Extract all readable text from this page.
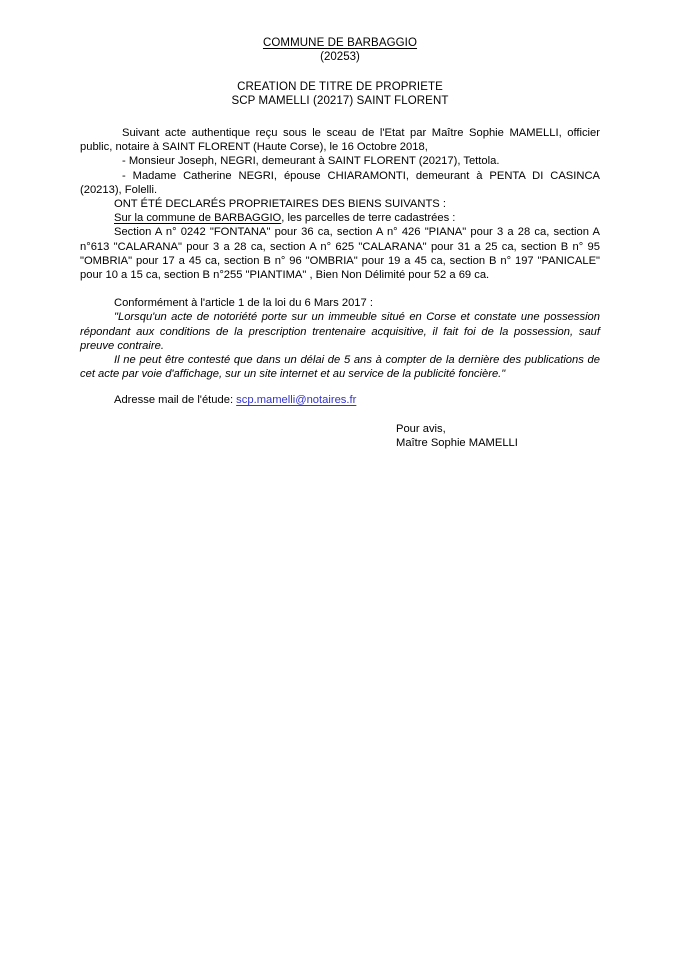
COMMUNE DE BARBAGGIO
(20253)
CREATION DE TITRE DE PROPRIETE
SCP MAMELLI (20217) SAINT FLORENT

Suivant acte authentique reçu sous le sceau de l'Etat par Maître Sophie MAMELLI, officier public, notaire à SAINT FLORENT (Haute Corse), le 16 Octobre 2018,

- Monsieur Joseph, NEGRI, demeurant à SAINT FLORENT (20217), Tettola.

- Madame Catherine NEGRI, épouse CHIARAMONTI, demeurant à PENTA DI CASINCA (20213), Folelli.

ONT ÉTÉ DECLARÉS PROPRIETAIRES DES BIENS SUIVANTS :

Sur la commune de BARBAGGIO, les parcelles de terre cadastrées :

Section A n° 0242 "FONTANA" pour 36 ca, section A n° 426 "PIANA" pour 3 a 28 ca, section A n°613 "CALARANA" pour 3 a 28 ca, section A n° 625 "CALARANA" pour 31 a 25 ca, section B n° 95 "OMBRIA" pour 17 a 45 ca, section B n° 96 "OMBRIA" pour 19 a 45 ca, section B n° 197 "PANICALE" pour 10 a 15 ca, section B n°255 "PIANTIMA" , Bien Non Délimité pour 52 a 69 ca.

Conformément à l'article 1 de la loi du 6 Mars 2017 :

"Lorsqu'un acte de notoriété porte sur un immeuble situé en Corse et constate une possession répondant aux conditions de la prescription trentenaire acquisitive, il fait foi de la possession, sauf preuve contraire.

Il ne peut être contesté que dans un délai de 5 ans à compter de la dernière des publications de cet acte par voie d'affichage, sur un site internet et au service de la publicité foncière."

Adresse mail de l'étude: scp.mamelli@notaires.fr

Pour avis,
Maître Sophie MAMELLI
